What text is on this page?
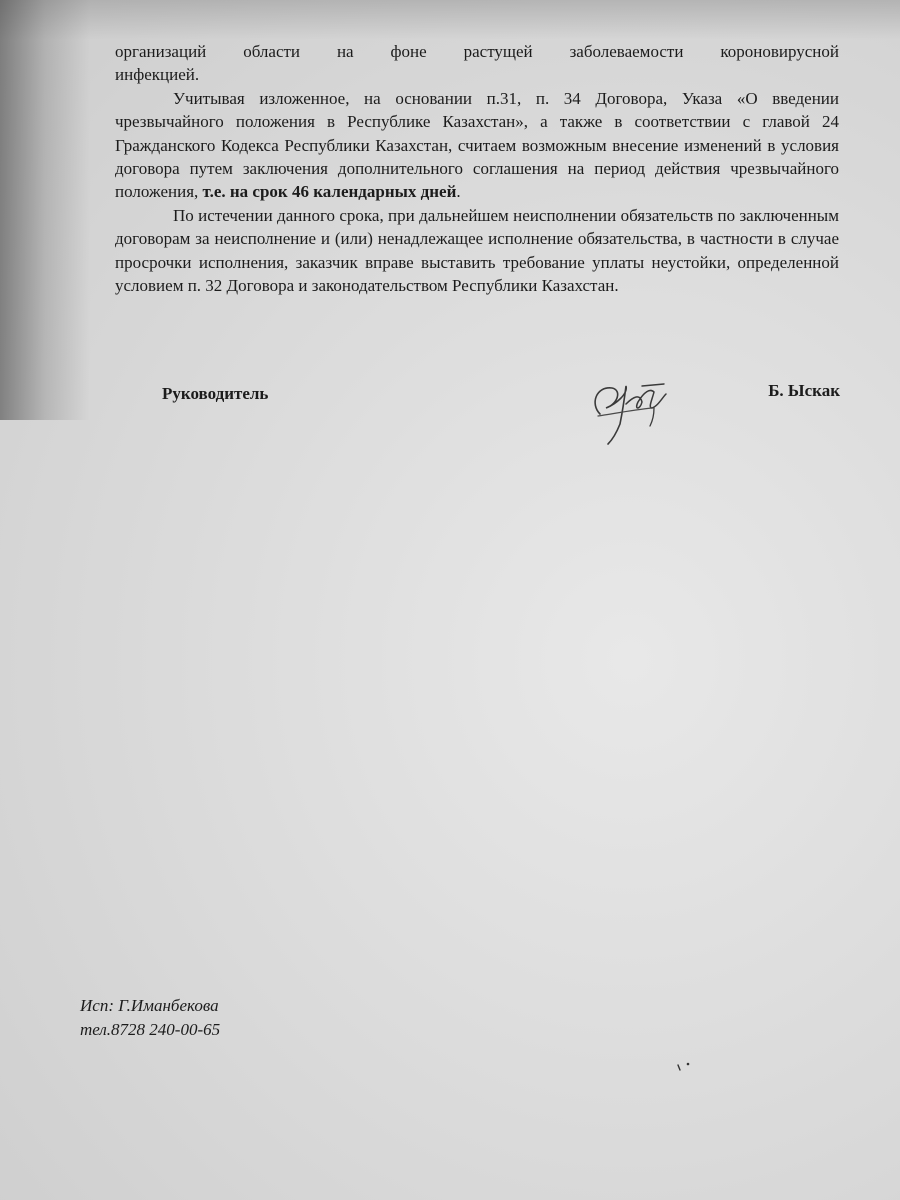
организаций области на фоне растущей заболеваемости короновирусной

инфекцией.

Учитывая изложенное, на основании п.31, п. 34 Договора, Указа «О введении чрезвычайного положения в Республике Казахстан», а также в соответствии с главой 24 Гражданского Кодекса Республики Казахстан, считаем возможным внесение изменений в условия договора путем заключения дополнительного соглашения на период действия чрезвычайного положения, т.е. на срок 46 календарных дней.

По истечении данного срока, при дальнейшем неисполнении обязательств по заключенным договорам за неисполнение и (или) ненадлежащее исполнение обязательства, в частности в случае просрочки исполнения, заказчик вправе выставить требование уплаты неустойки, определенной условием п. 32 Договора и законодательством Республики Казахстан.

Руководитель	Б. Ыскак
Исп: Г.Иманбекова
тел.8728 240-00-65
